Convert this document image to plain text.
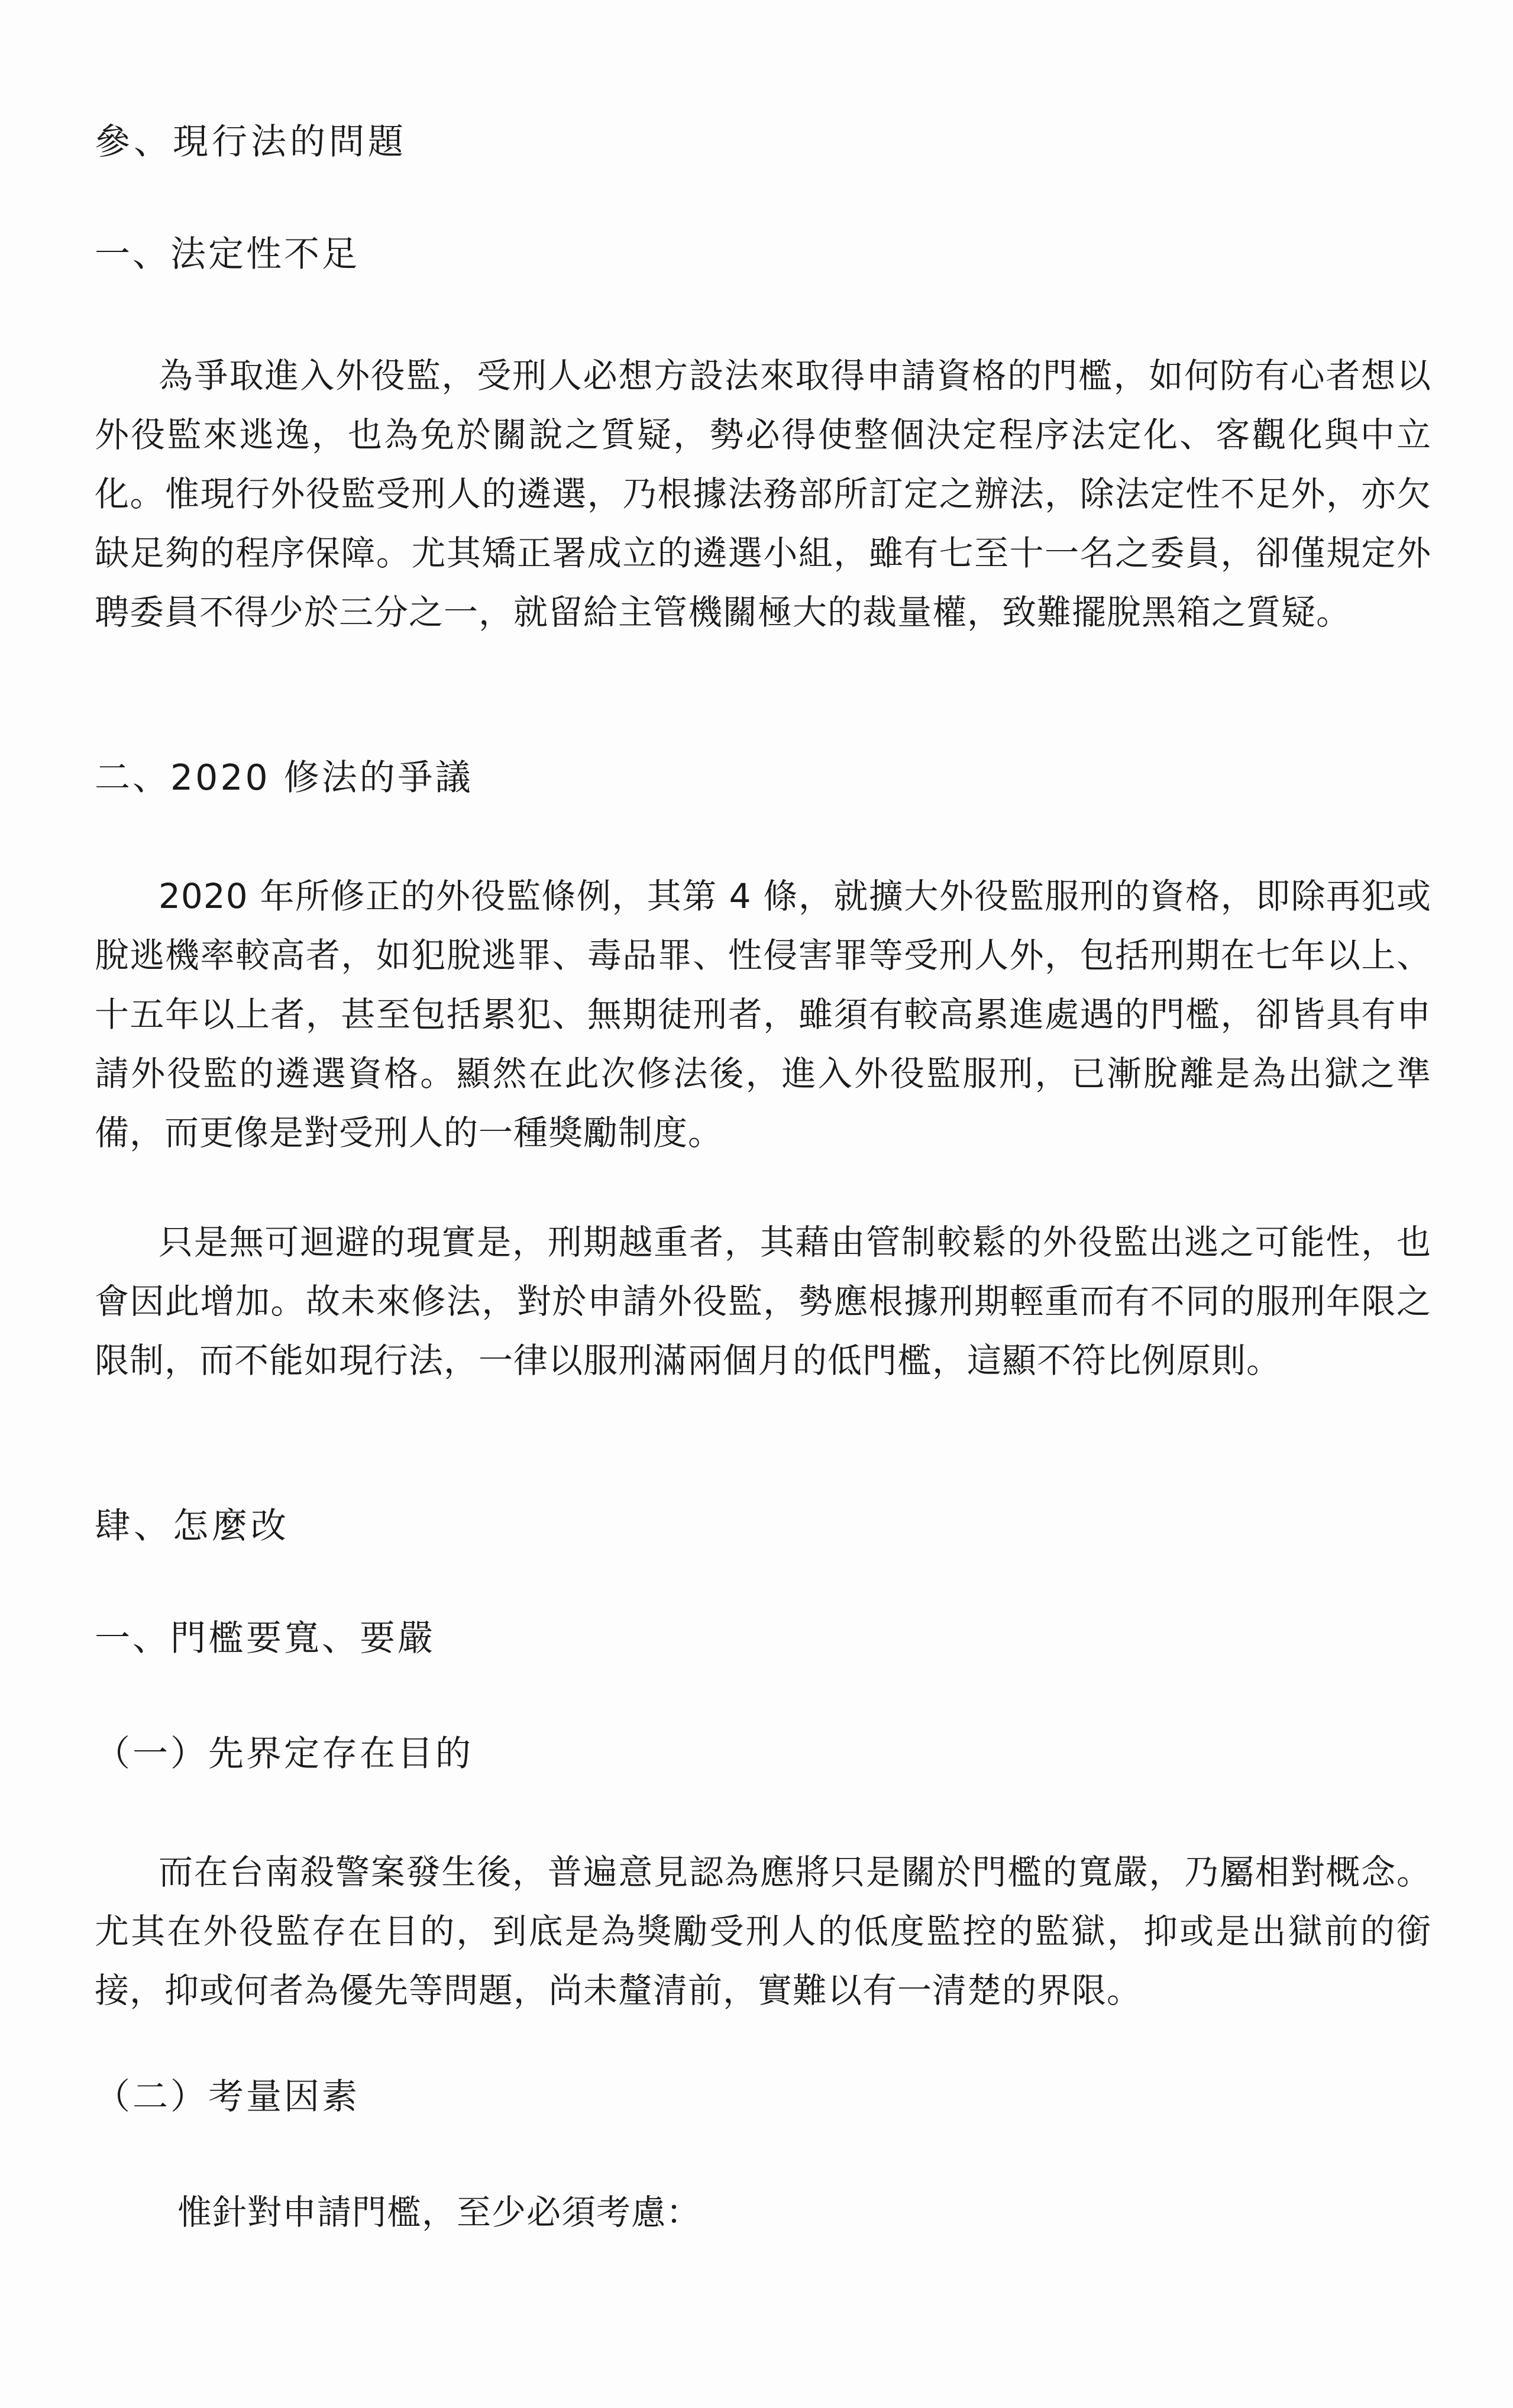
參、現行法的問題
一、法定性不足
為爭取進入外役監，受刑人必想方設法來取得申請資格的門檻，如何防有心者想以外役監來逃逸，也為免於關說之質疑，勢必得使整個決定程序法定化、客觀化與中立化。惟現行外役監受刑人的遴選，乃根據法務部所訂定之辦法，除法定性不足外，亦欠缺足夠的程序保障。尤其矯正署成立的遴選小組，雖有七至十一名之委員，卻僅規定外聘委員不得少於三分之一，就留給主管機關極大的裁量權，致難擺脫黑箱之質疑。
二、2020 修法的爭議
2020 年所修正的外役監條例，其第 4 條，就擴大外役監服刑的資格，即除再犯或脫逃機率較高者，如犯脫逃罪、毒品罪、性侵害罪等受刑人外，包括刑期在七年以上、十五年以上者，甚至包括累犯、無期徒刑者，雖須有較高累進處遇的門檻，卻皆具有申請外役監的遴選資格。顯然在此次修法後，進入外役監服刑，已漸脫離是為出獄之準備，而更像是對受刑人的一種獎勵制度。
只是無可迴避的現實是，刑期越重者，其藉由管制較鬆的外役監出逃之可能性，也會因此增加。故未來修法，對於申請外役監，勢應根據刑期輕重而有不同的服刑年限之限制，而不能如現行法，一律以服刑滿兩個月的低門檻，這顯不符比例原則。
肆、怎麼改
一、門檻要寬、要嚴
（一）先界定存在目的
而在台南殺警案發生後，普遍意見認為應將只是關於門檻的寬嚴，乃屬相對概念。尤其在外役監存在目的，到底是為獎勵受刑人的低度監控的監獄，抑或是出獄前的銜接，抑或何者為優先等問題，尚未釐清前，實難以有一清楚的界限。
（二）考量因素
惟針對申請門檻，至少必須考慮：
